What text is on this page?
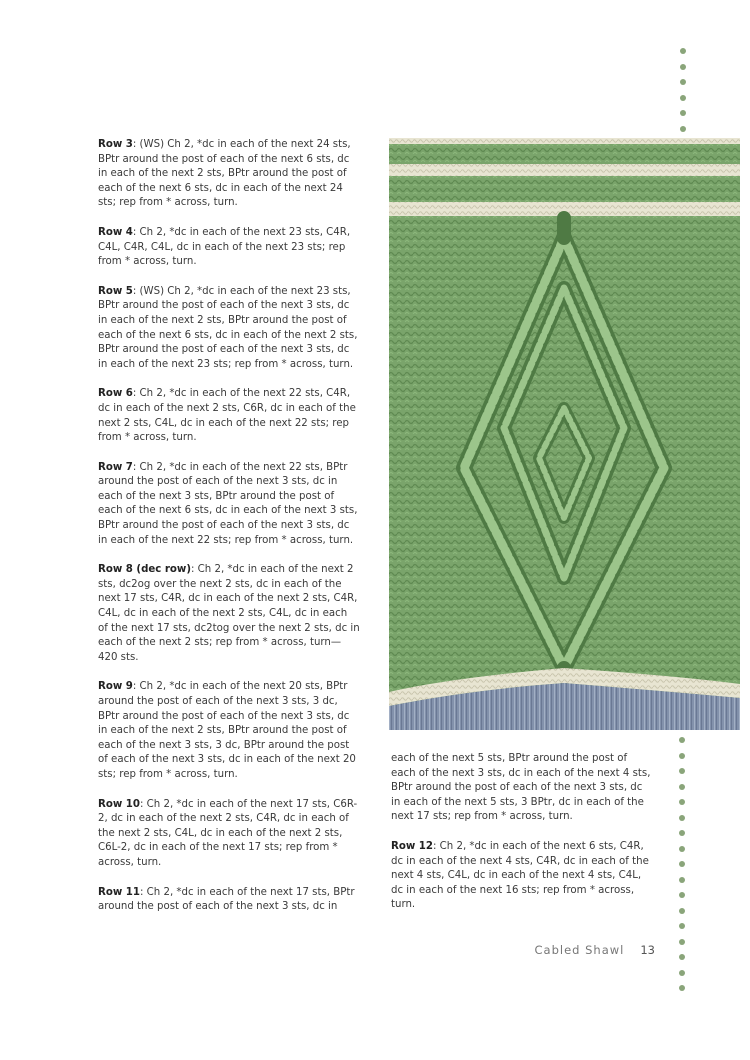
Row 3: (WS) Ch 2, *dc in each of the next 24 sts, BPtr around the post of each of the next 6 sts, dc in each of the next 2 sts, BPtr around the post of each of the next 6 sts, dc in each of the next 24 sts; rep from * across, turn.

Row 4: Ch 2, *dc in each of the next 23 sts, C4R, C4L, C4R, C4L, dc in each of the next 23 sts; rep from * across, turn.

Row 5: (WS) Ch 2, *dc in each of the next 23 sts, BPtr around the post of each of the next 3 sts, dc in each of the next 2 sts, BPtr around the post of each of the next 6 sts, dc in each of the next 2 sts, BPtr around the post of each of the next 3 sts, dc in each of the next 23 sts; rep from * across, turn.

Row 6: Ch 2, *dc in each of the next 22 sts, C4R, dc in each of the next 2 sts, C6R, dc in each of the next 2 sts, C4L, dc in each of the next 22 sts; rep from * across, turn.

Row 7: Ch 2, *dc in each of the next 22 sts, BPtr around the post of each of the next 3 sts, dc in each of the next 3 sts, BPtr around the post of each of the next 6 sts, dc in each of the next 3 sts, BPtr around the post of each of the next 3 sts, dc in each of the next 22 sts; rep from * across, turn.

Row 8 (dec row): Ch 2, *dc in each of the next 2 sts, dc2og over the next 2 sts, dc in each of the next 17 sts, C4R, dc in each of the next 2 sts, C4R, C4L, dc in each of the next 2 sts, C4L, dc in each of the next 17 sts, dc2tog over the next 2 sts, dc in each of the next 2 sts; rep from * across, turn—420 sts.

Row 9: Ch 2, *dc in each of the next 20 sts, BPtr around the post of each of the next 3 sts, 3 dc, BPtr around the post of each of the next 3 sts, dc in each of the next 2 sts, BPtr around the post of each of the next 3 sts, 3 dc, BPtr around the post of each of the next 3 sts, dc in each of the next 20 sts; rep from * across, turn.

Row 10: Ch 2, *dc in each of the next 17 sts, C6R-2, dc in each of the next 2 sts, C4R, dc in each of the next 2 sts, C4L, dc in each of the next 2 sts, C6L-2, dc in each of the next 17 sts; rep from * across, turn.

Row 11: Ch 2, *dc in each of the next 17 sts, BPtr around the post of each of the next 3 sts, dc in

each of the next 5 sts, BPtr around the post of each of the next 3 sts, dc in each of the next 4 sts, BPtr around the post of each of the next 3 sts, dc in each of the next 5 sts, 3 BPtr, dc in each of the next 17 sts; rep from * across, turn.

Row 12: Ch 2, *dc in each of the next 6 sts, C4R, dc in each of the next 4 sts, C4R, dc in each of the next 4 sts, C4L, dc in each of the next 4 sts, C4L, dc in each of the next 16 sts; rep from * across, turn.

Cabled Shawl 13
